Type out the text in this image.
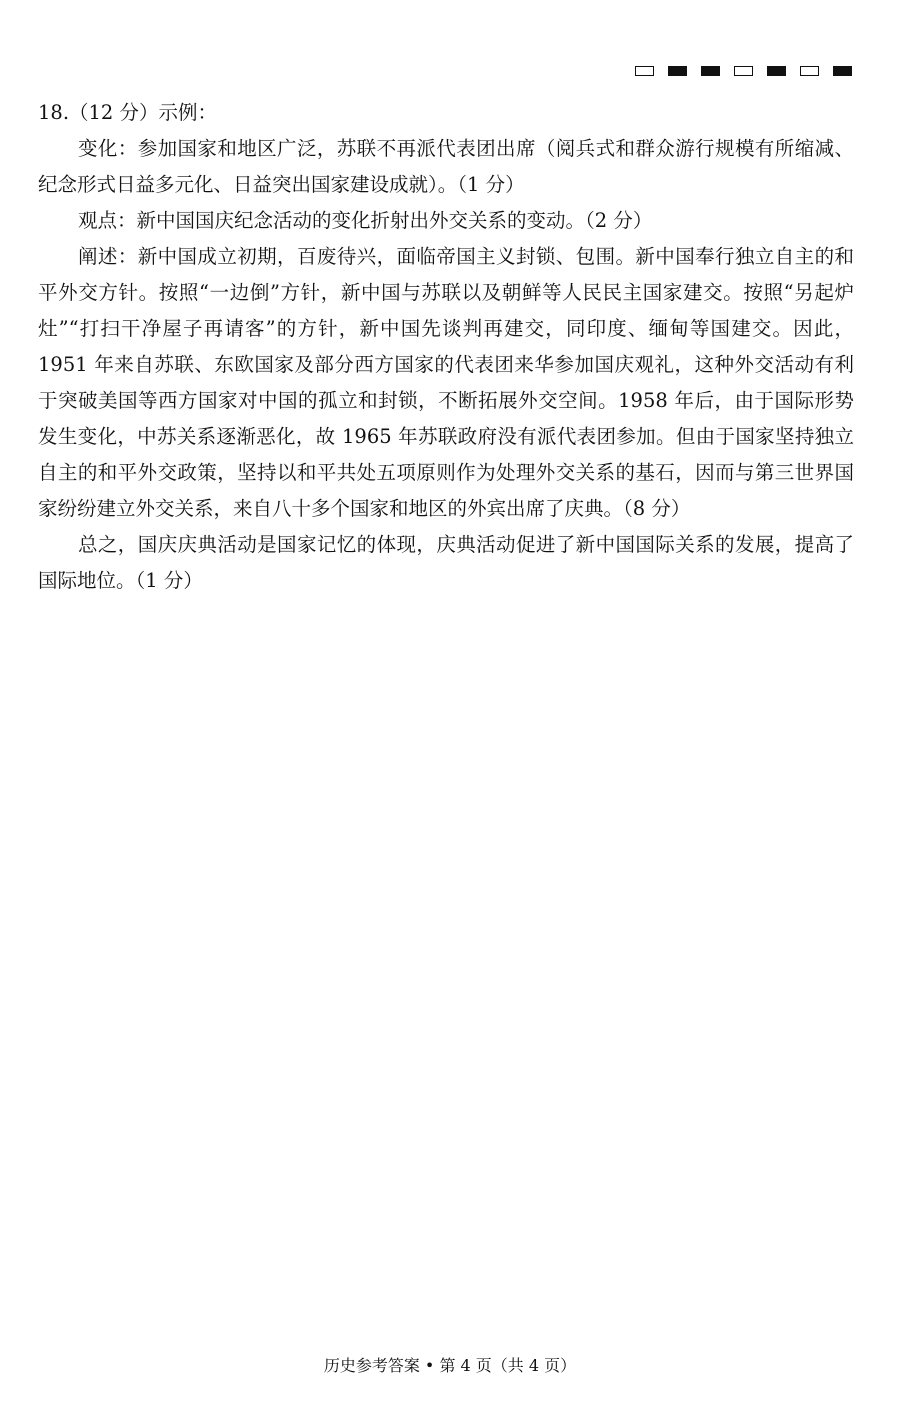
18.（12 分）示例：

变化：参加国家和地区广泛，苏联不再派代表团出席（阅兵式和群众游行规模有所缩减、纪念形式日益多元化、日益突出国家建设成就）。（1 分）

观点：新中国国庆纪念活动的变化折射出外交关系的变动。（2 分）

阐述：新中国成立初期，百废待兴，面临帝国主义封锁、包围。新中国奉行独立自主的和平外交方针。按照“一边倒”方针，新中国与苏联以及朝鲜等人民民主国家建交。按照“另起炉灶”“打扫干净屋子再请客”的方针，新中国先谈判再建交，同印度、缅甸等国建交。因此，1951 年来自苏联、东欧国家及部分西方国家的代表团来华参加国庆观礼，这种外交活动有利于突破美国等西方国家对中国的孤立和封锁，不断拓展外交空间。1958 年后，由于国际形势发生变化，中苏关系逐渐恶化，故 1965 年苏联政府没有派代表团参加。但由于国家坚持独立自主的和平外交政策，坚持以和平共处五项原则作为处理外交关系的基石，因而与第三世界国家纷纷建立外交关系，来自八十多个国家和地区的外宾出席了庆典。（8 分）

总之，国庆庆典活动是国家记忆的体现，庆典活动促进了新中国国际关系的发展，提高了国际地位。（1 分）

历史参考答案 • 第 4 页（共 4 页）
